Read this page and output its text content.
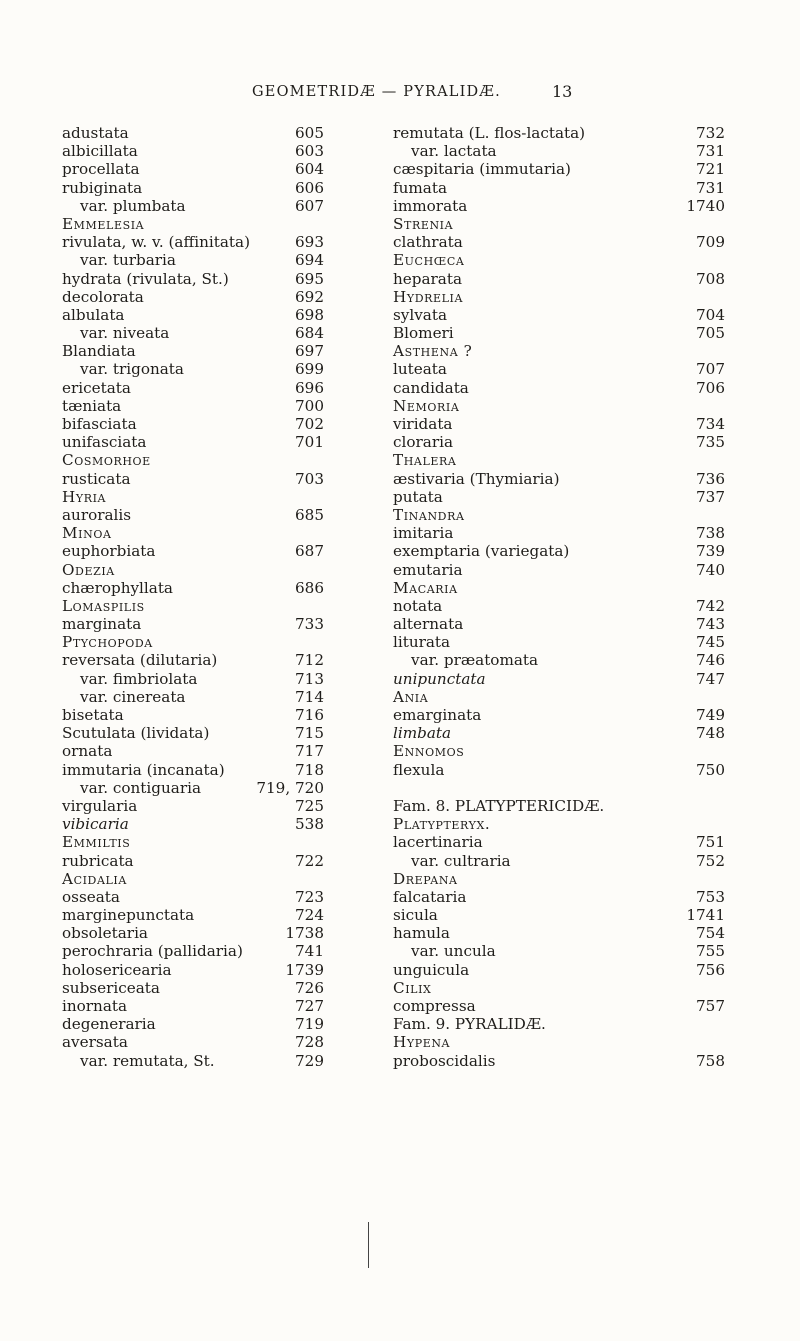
GEOMETRIDÆ — PYRALIDÆ.	13
adustata	605
albicillata	603
procellata	604
rubiginata	606
var. plumbata	607
Emmelesia
rivulata, w. v. (affinitata)	693
var. turbaria	694
hydrata (rivulata, St.)	695
decolorata	692
albulata	698
var. niveata	684
Blandiata	697
var. trigonata	699
ericetata	696
tæniata	700
bifasciata	702
unifasciata	701
Cosmorhoe
rusticata	703
Hyria
auroralis	685
Minoa
euphorbiata	687
Odezia
chærophyllata	686
Lomaspilis
marginata	733
Ptychopoda
reversata (dilutaria)	712
var. fimbriolata	713
var. cinereata	714
bisetata	716
Scutulata (lividata)	715
ornata	717
immutaria (incanata)	718
var. contiguaria	719, 720
virgularia	725
vibicaria	538
Emmiltis
rubricata	722
Acidalia
osseata	723
marginepunctata	724
obsoletaria	1738
perochraria (pallidaria)	741
holosericearia	1739
subsericeata	726
inornata	727
degeneraria	719
aversata	728
var. remutata, St.	729
remutata (L. flos-lactata)	732
var. lactata	731
cæspitaria (immutaria)	721
fumata	731
immorata	1740
Strenia
clathrata	709
Euchœca
heparata	708
Hydrelia
sylvata	704
Blomeri	705
Asthena ?
luteata	707
candidata	706
Nemoria
viridata	734
cloraria	735
Thalera
æstivaria (Thymiaria)	736
putata	737
Tinandra
imitaria	738
exemptaria (variegata)	739
emutaria	740
Macaria
notata	742
alternata	743
liturata	745
var. præatomata	746
unipunctata	747
Ania
emarginata	749
limbata	748
Ennomos
flexula	750
Fam. 8. PLATYPTERICIDÆ.
Platypteryx.
lacertinaria	751
var. cultraria	752
Drepana
falcataria	753
sicula	1741
hamula	754
var. uncula	755
unguicula	756
Cilix
compressa	757
Fam. 9. PYRALIDÆ.
Hypena
proboscidalis	758
